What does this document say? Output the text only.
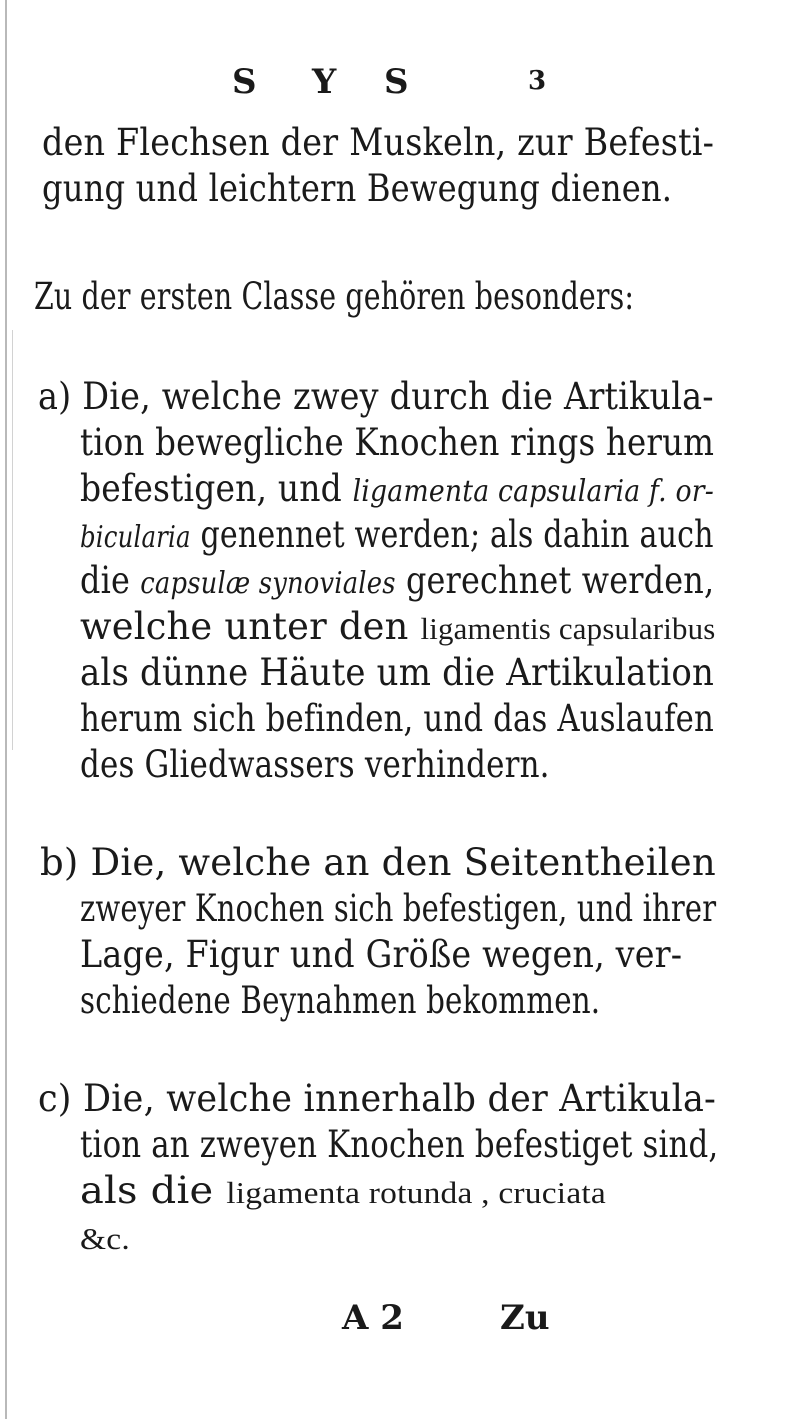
S Y S	3
den Flechsen der Muskeln, zur Befesti-
gung und leichtern Bewegung dienen.
Zu der ersten Classe gehören besonders:
a) Die, welche zwey durch die Artikula-
tion bewegliche Knochen rings herum
befestigen, und ligamenta capsularia f. or-
bicularia genennet werden; als dahin auch
die capsulæ synoviales gerechnet werden,
welche unter den ligamentis capsularibus
als dünne Häute um die Artikulation
herum sich befinden, und das Auslaufen
des Gliedwassers verhindern.
b) Die, welche an den Seitentheilen
zweyer Knochen sich befestigen, und ihrer
Lage, Figur und Größe wegen, ver-
schiedene Beynahmen bekommen.
c) Die, welche innerhalb der Artikula-
tion an zweyen Knochen befestiget sind,
als die ligamenta rotunda , cruciata
&c.
A 2	Zu
